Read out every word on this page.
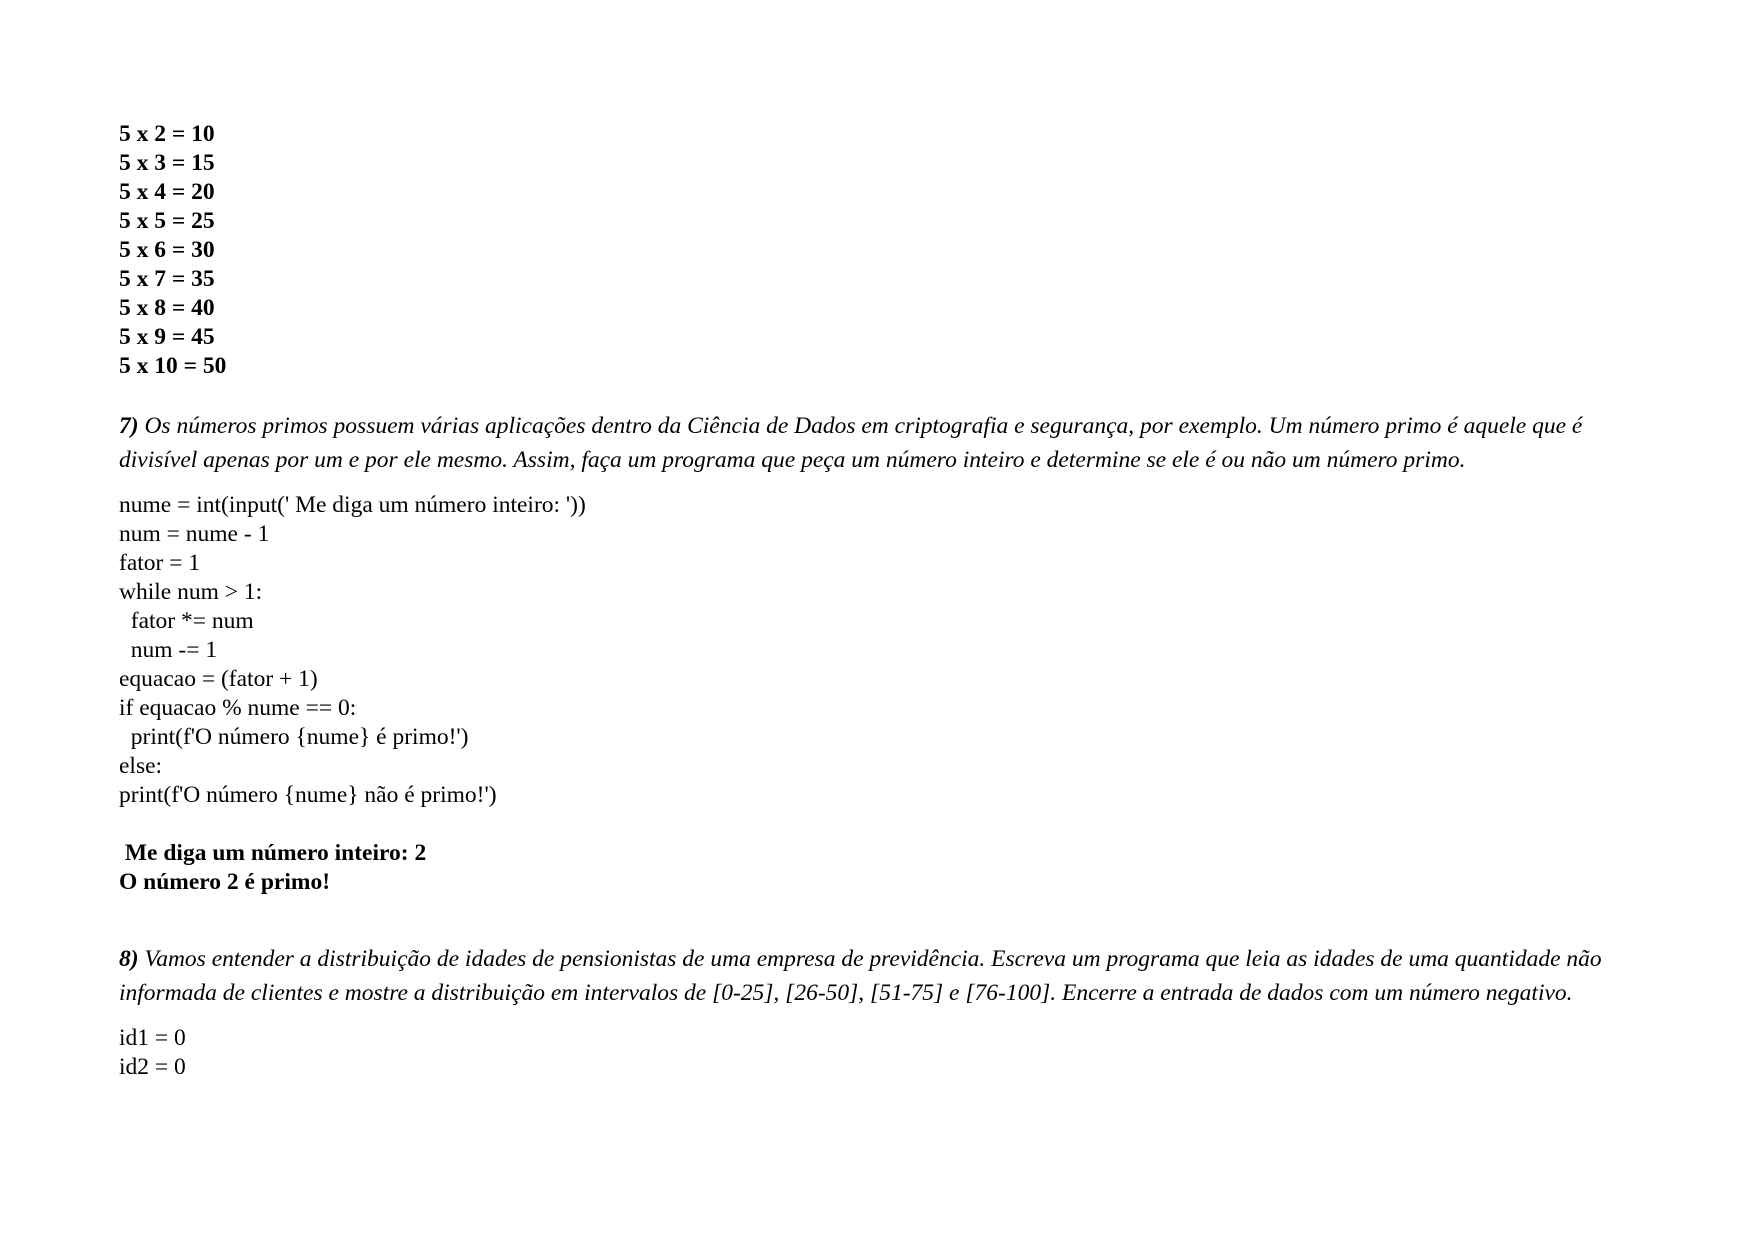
5 x 2 = 10

5 x 3 = 15

5 x 4 = 20

5 x 5 = 25

5 x 6 = 30

5 x 7 = 35

5 x 8 = 40

5 x 9 = 45

5 x 10 = 50

7) Os números primos possuem várias aplicações dentro da Ciência de Dados em criptografia e segurança, por exemplo. Um número primo é aquele que é divisível apenas por um e por ele mesmo. Assim, faça um programa que peça um número inteiro e determine se ele é ou não um número primo.

nume = int(input(' Me diga um número inteiro: '))

num = nume - 1

fator = 1

while num > 1:

fator *= num

num -= 1

equacao = (fator + 1)

if equacao % nume == 0:

print(f'O número {nume} é primo!')

else:

print(f'O número {nume} não é primo!')

Me diga um número inteiro: 2

O número 2 é primo!

8) Vamos entender a distribuição de idades de pensionistas de uma empresa de previdência. Escreva um programa que leia as idades de uma quantidade não informada de clientes e mostre a distribuição em intervalos de [0-25], [26-50], [51-75] e [76-100]. Encerre a entrada de dados com um número negativo.

id1 = 0

id2 = 0
